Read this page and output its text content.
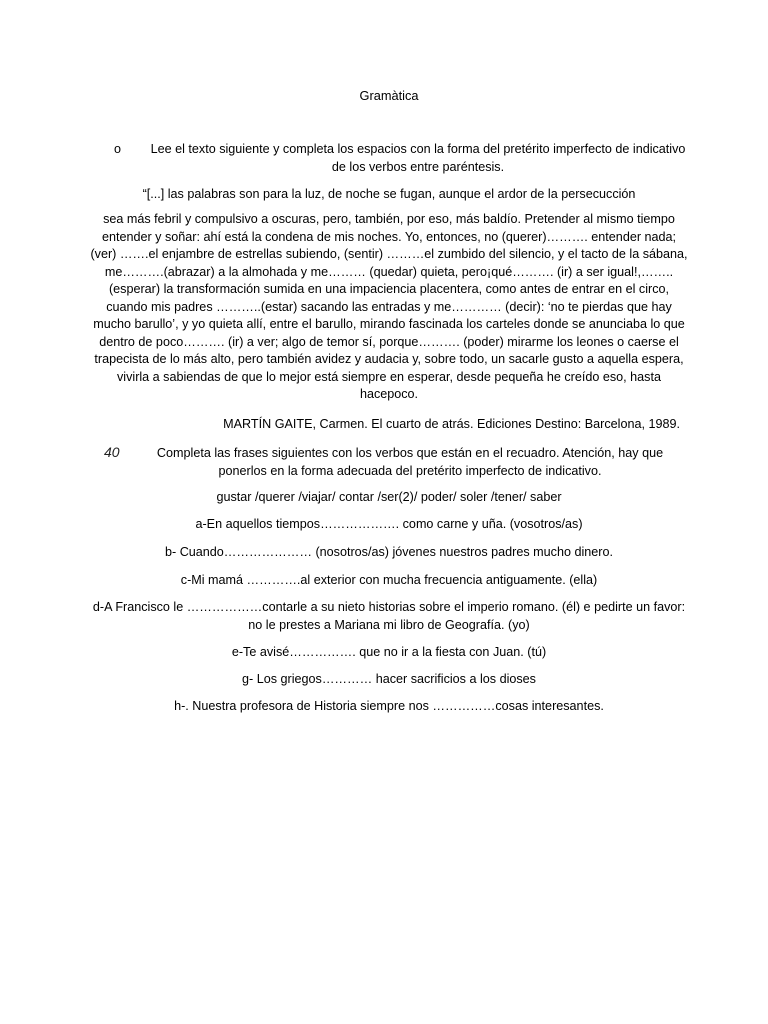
Gramàtica
o Lee el texto siguiente y completa los espacios con la forma del pretérito imperfecto de indicativo de los verbos entre paréntesis.
“[...] las palabras son para la luz, de noche se fugan, aunque el ardor de la persecucción
sea más febril y compulsivo a oscuras, pero, también, por eso, más baldío. Pretender al mismo tiempo entender y soñar: ahí está la condena de mis noches. Yo, entonces, no (querer)………. entender nada; (ver) …….el enjambre de estrellas subiendo, (sentir) ………el zumbido del silencio, y el tacto de la sábana, me……….(abrazar) a la almohada y me……… (quedar) quieta, pero¡qué………. (ir) a ser igual!,…….. (esperar) la transformación sumida en una impaciencia placentera, como antes de entrar en el circo, cuando mis padres ………..(estar) sacando las entradas y me………… (decir): ‘no te pierdas que hay mucho barullo’, y yo quieta allí, entre el barullo, mirando fascinada los carteles donde se anunciaba lo que dentro de poco………. (ir) a ver; algo de temor sí, porque………. (poder) mirarme los leones o caerse el trapecista de lo más alto, pero también avidez y audacia y, sobre todo, un sacarle gusto a aquella espera, vivirla a sabiendas de que lo mejor está siempre en esperar, desde pequeña he creído eso, hasta hacepoco.
MARTÍN GAITE, Carmen. El cuarto de atrás. Ediciones Destino: Barcelona, 1989.
40	Completa las frases siguientes con los verbos que están en el recuadro. Atención, hay que ponerlos en la forma adecuada del pretérito imperfecto de indicativo.
gustar /querer /viajar/ contar /ser(2)/ poder/ soler /tener/ saber
a-En aquellos tiempos………………. como carne y uña. (vosotros/as)
b- Cuando………………… (nosotros/as) jóvenes nuestros padres mucho dinero.
c-Mi mamá ………….al exterior con mucha frecuencia antiguamente. (ella)
d-A Francisco le ………………contarle a su nieto historias sobre el imperio romano. (él) e pedirte un favor: no le prestes a Mariana mi libro de Geografía. (yo)
e-Te avisé……………. que no ir a la fiesta con Juan. (tú)
g- Los griegos………… hacer sacrificios a los dioses
h-. Nuestra profesora de Historia siempre nos ……………cosas interesantes.
